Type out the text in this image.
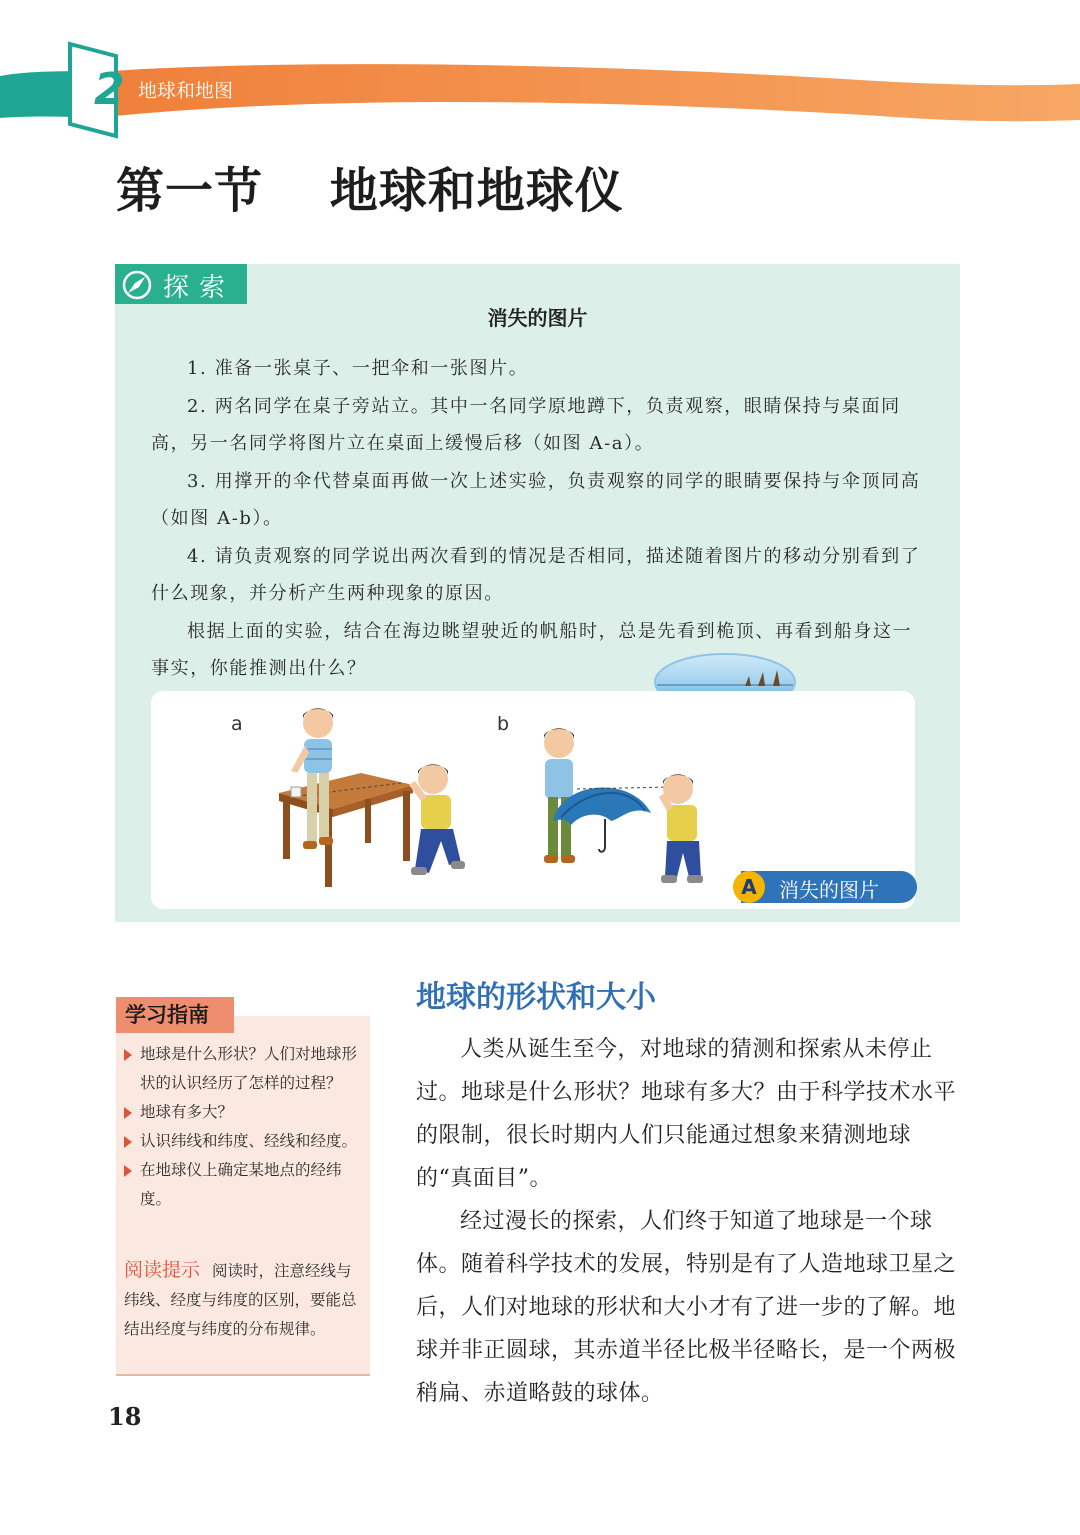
2 地球和地图
第一节　 地球和地球仪
探索
消失的图片

1. 准备一张桌子、一把伞和一张图片。

2. 两名同学在桌子旁站立。其中一名同学原地蹲下，负责观察，眼睛保持与桌面同高，另一名同学将图片立在桌面上缓慢后移（如图 A-a）。

3. 用撑开的伞代替桌面再做一次上述实验，负责观察的同学的眼睛要保持与伞顶同高（如图 A-b）。

4. 请负责观察的同学说出两次看到的情况是否相同，描述随着图片的移动分别看到了什么现象，并分析产生两种现象的原因。

根据上面的实验，结合在海边眺望驶近的帆船时，总是先看到桅顶、再看到船身这一事实，你能推测出什么？

a	b
A	消失的图片
地球是什么形状？人们对地球形状的认识经历了怎样的过程？
地球有多大？
认识纬线和纬度、经线和经度。
在地球仪上确定某地点的经纬度。
阅读提示 阅读时，注意经线与纬线、经度与纬度的区别，要能总结出经度与纬度的分布规律。
学习指南	地球的形状和大小

人类从诞生至今，对地球的猜测和探索从未停止过。地球是什么形状？地球有多大？由于科学技术水平的限制，很长时期内人们只能通过想象来猜测地球的“真面目”。

经过漫长的探索，人们终于知道了地球是一个球体。随着科学技术的发展，特别是有了人造地球卫星之后，人们对地球的形状和大小才有了进一步的了解。地球并非正圆球，其赤道半径比极半径略长，是一个两极稍扁、赤道略鼓的球体。

18
